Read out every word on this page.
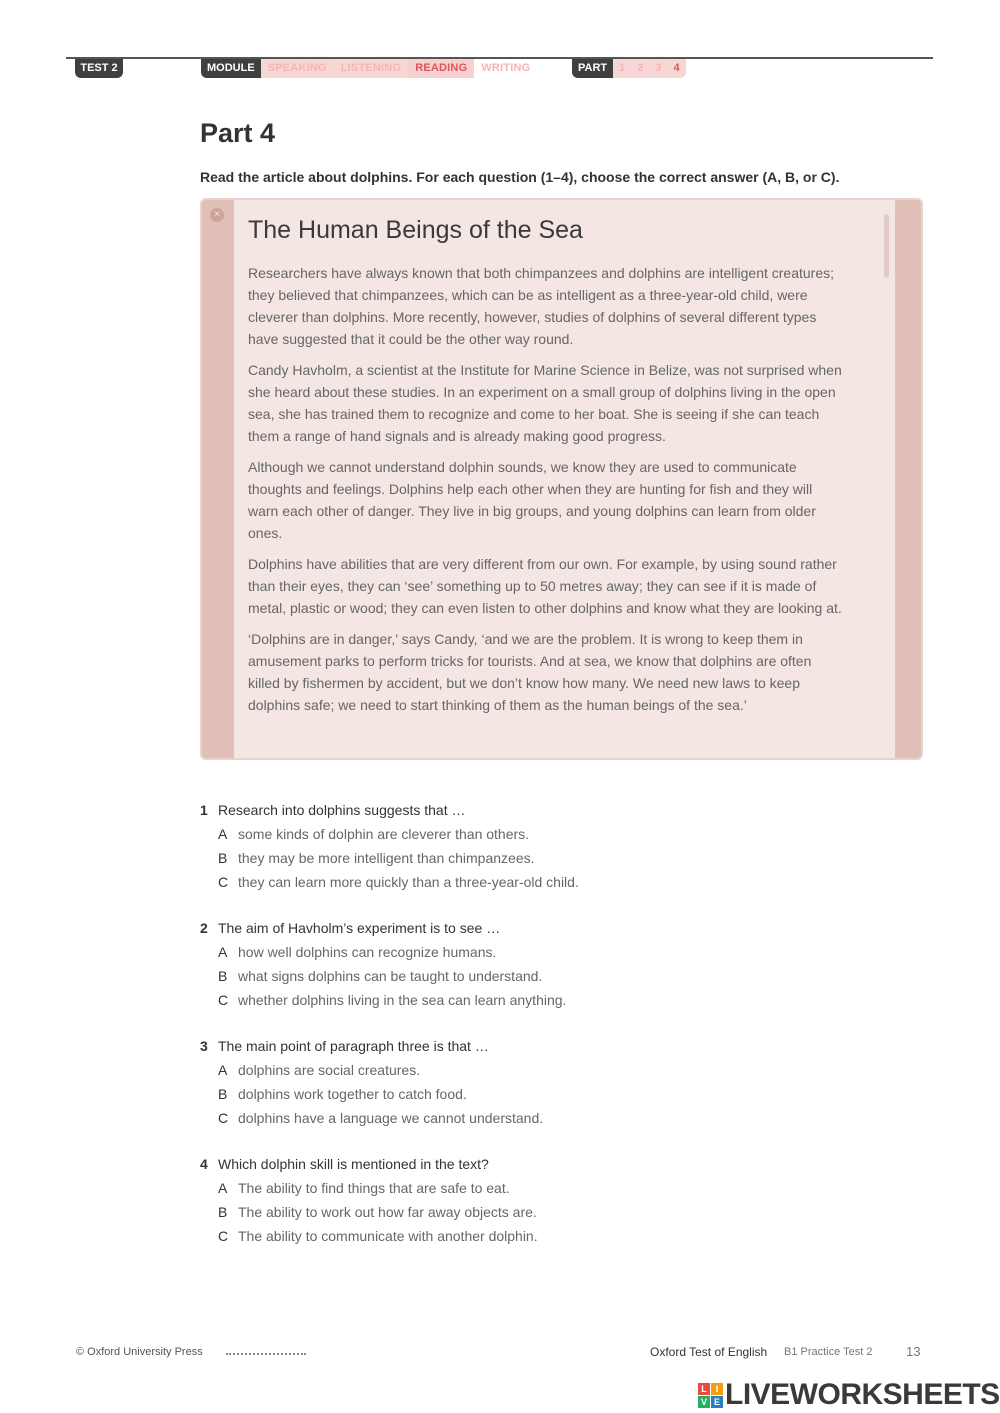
TEST 2	MODULE	SPEAKING	LISTENING	READING	WRITING	PART	1	2	3	4
Part 4
Read the article about dolphins. For each question (1–4), choose the correct answer (A, B, or C).
×
The Human Beings of the Sea

Researchers have always known that both chimpanzees and dolphins are intelligent creatures; they believed that chimpanzees, which can be as intelligent as a three-year-old child, were cleverer than dolphins. More recently, however, studies of dolphins of several different types have suggested that it could be the other way round.

Candy Havholm, a scientist at the Institute for Marine Science in Belize, was not surprised when she heard about these studies. In an experiment on a small group of dolphins living in the open sea, she has trained them to recognize and come to her boat. She is seeing if she can teach them a range of hand signals and is already making good progress.

Although we cannot understand dolphin sounds, we know they are used to communicate thoughts and feelings. Dolphins help each other when they are hunting for fish and they will warn each other of danger. They live in big groups, and young dolphins can learn from older ones.

Dolphins have abilities that are very different from our own. For example, by using sound rather than their eyes, they can ‘see’ something up to 50 metres away; they can see if it is made of metal, plastic or wood; they can even listen to other dolphins and know what they are looking at.

‘Dolphins are in danger,’ says Candy, ‘and we are the problem. It is wrong to keep them in amusement parks to perform tricks for tourists. And at sea, we know that dolphins are often killed by fishermen by accident, but we don’t know how many. We need new laws to keep dolphins safe; we need to start thinking of them as the human beings of the sea.’

1 Research into dolphins suggests that …
A some kinds of dolphin are cleverer than others.
B they may be more intelligent than chimpanzees.
C they can learn more quickly than a three-year-old child.
2 The aim of Havholm’s experiment is to see …
A how well dolphins can recognize humans.
B what signs dolphins can be taught to understand.
C whether dolphins living in the sea can learn anything.
3 The main point of paragraph three is that …
A dolphins are social creatures.
B dolphins work together to catch food.
C dolphins have a language we cannot understand.
4 Which dolphin skill is mentioned in the text?
A The ability to find things that are safe to eat.
B The ability to work out how far away objects are.
C The ability to communicate with another dolphin.
© Oxford University Press	Oxford Test of English B1 Practice Test 2	13
L I
V E LIVEWORKSHEETS
